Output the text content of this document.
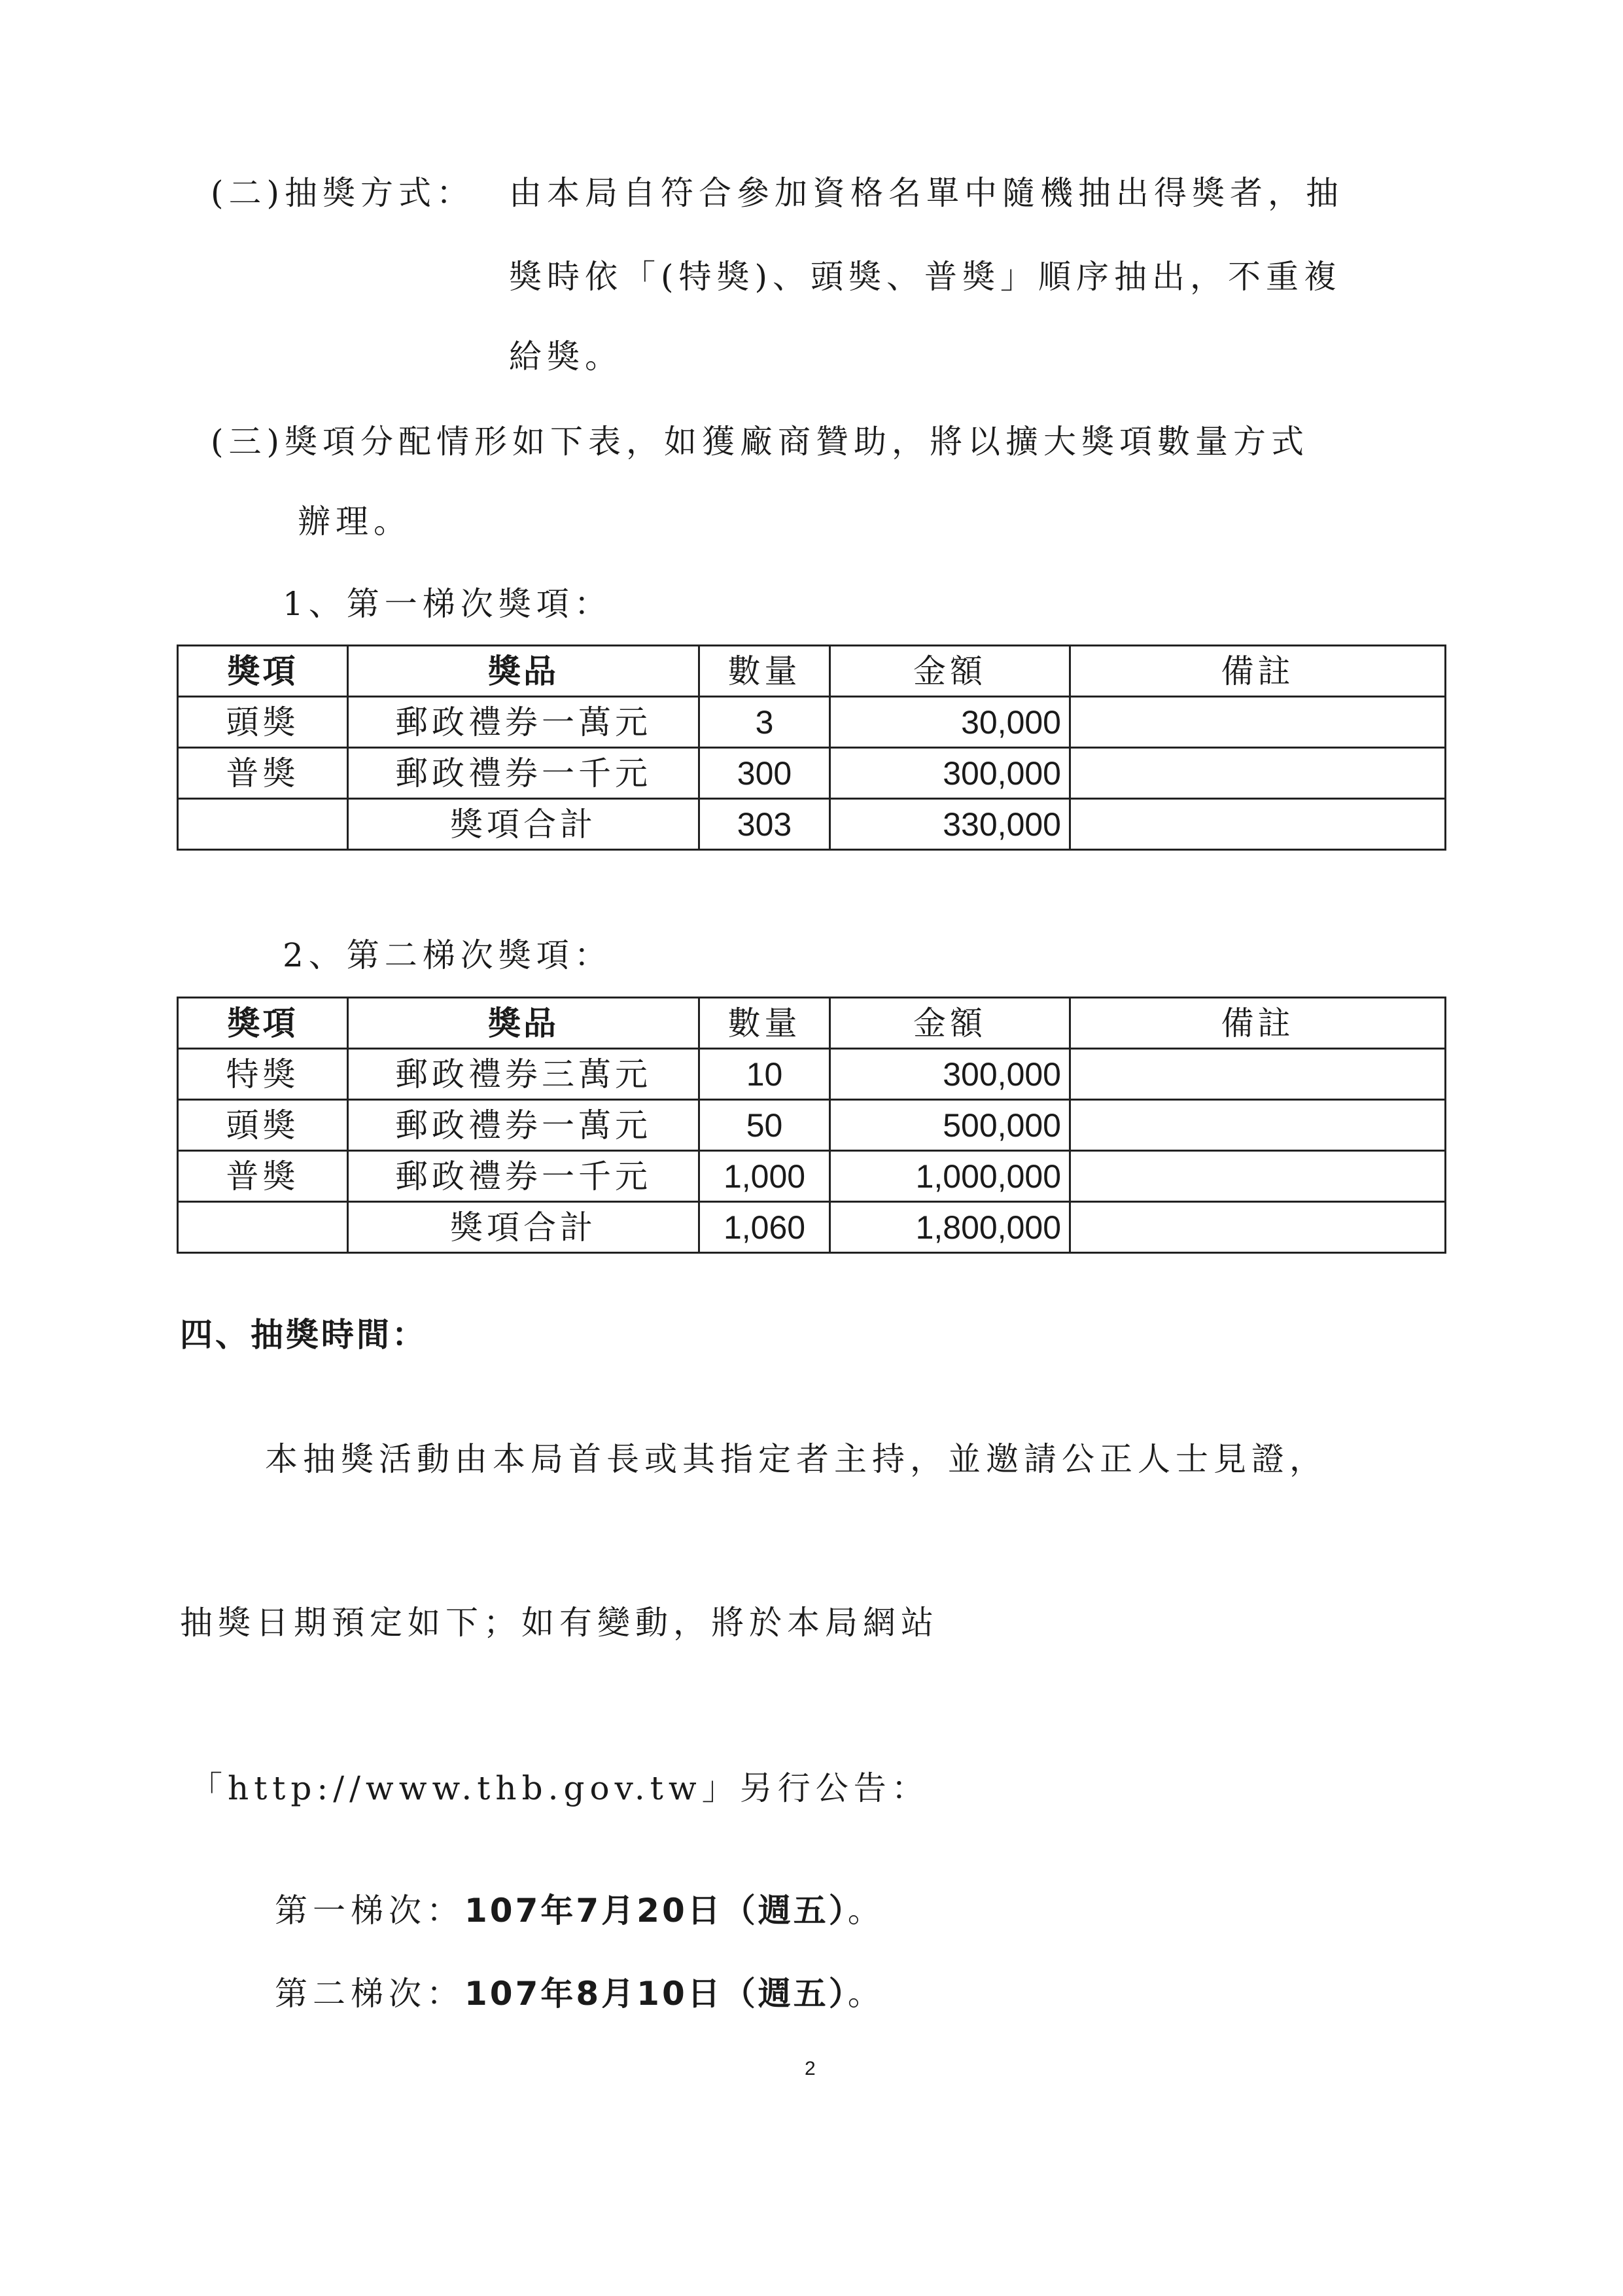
(二)抽獎方式： 由本局自符合參加資格名單中隨機抽出得獎者，抽
獎時依「(特獎)、頭獎、普獎」順序抽出，不重複
給獎。
(三)獎項分配情形如下表，如獲廠商贊助，將以擴大獎項數量方式
辦理。
1、第一梯次獎項：
獎項	獎品	數量	金額	備註
頭獎	郵政禮券一萬元	3	30,000	
普獎	郵政禮券一千元	300	300,000	
	獎項合計	303	330,000	
2、第二梯次獎項：
獎項	獎品	數量	金額	備註
特獎	郵政禮券三萬元	10	300,000	
頭獎	郵政禮券一萬元	50	500,000	
普獎	郵政禮券一千元	1,000	1,000,000	
	獎項合計	1,060	1,800,000	
四、抽獎時間：
本抽獎活動由本局首長或其指定者主持，並邀請公正人士見證，
抽獎日期預定如下；如有變動，將於本局網站
「http://www.thb.gov.tw」另行公告：
第一梯次：107年7月20日（週五）。
第二梯次：107年8月10日（週五）。
2
